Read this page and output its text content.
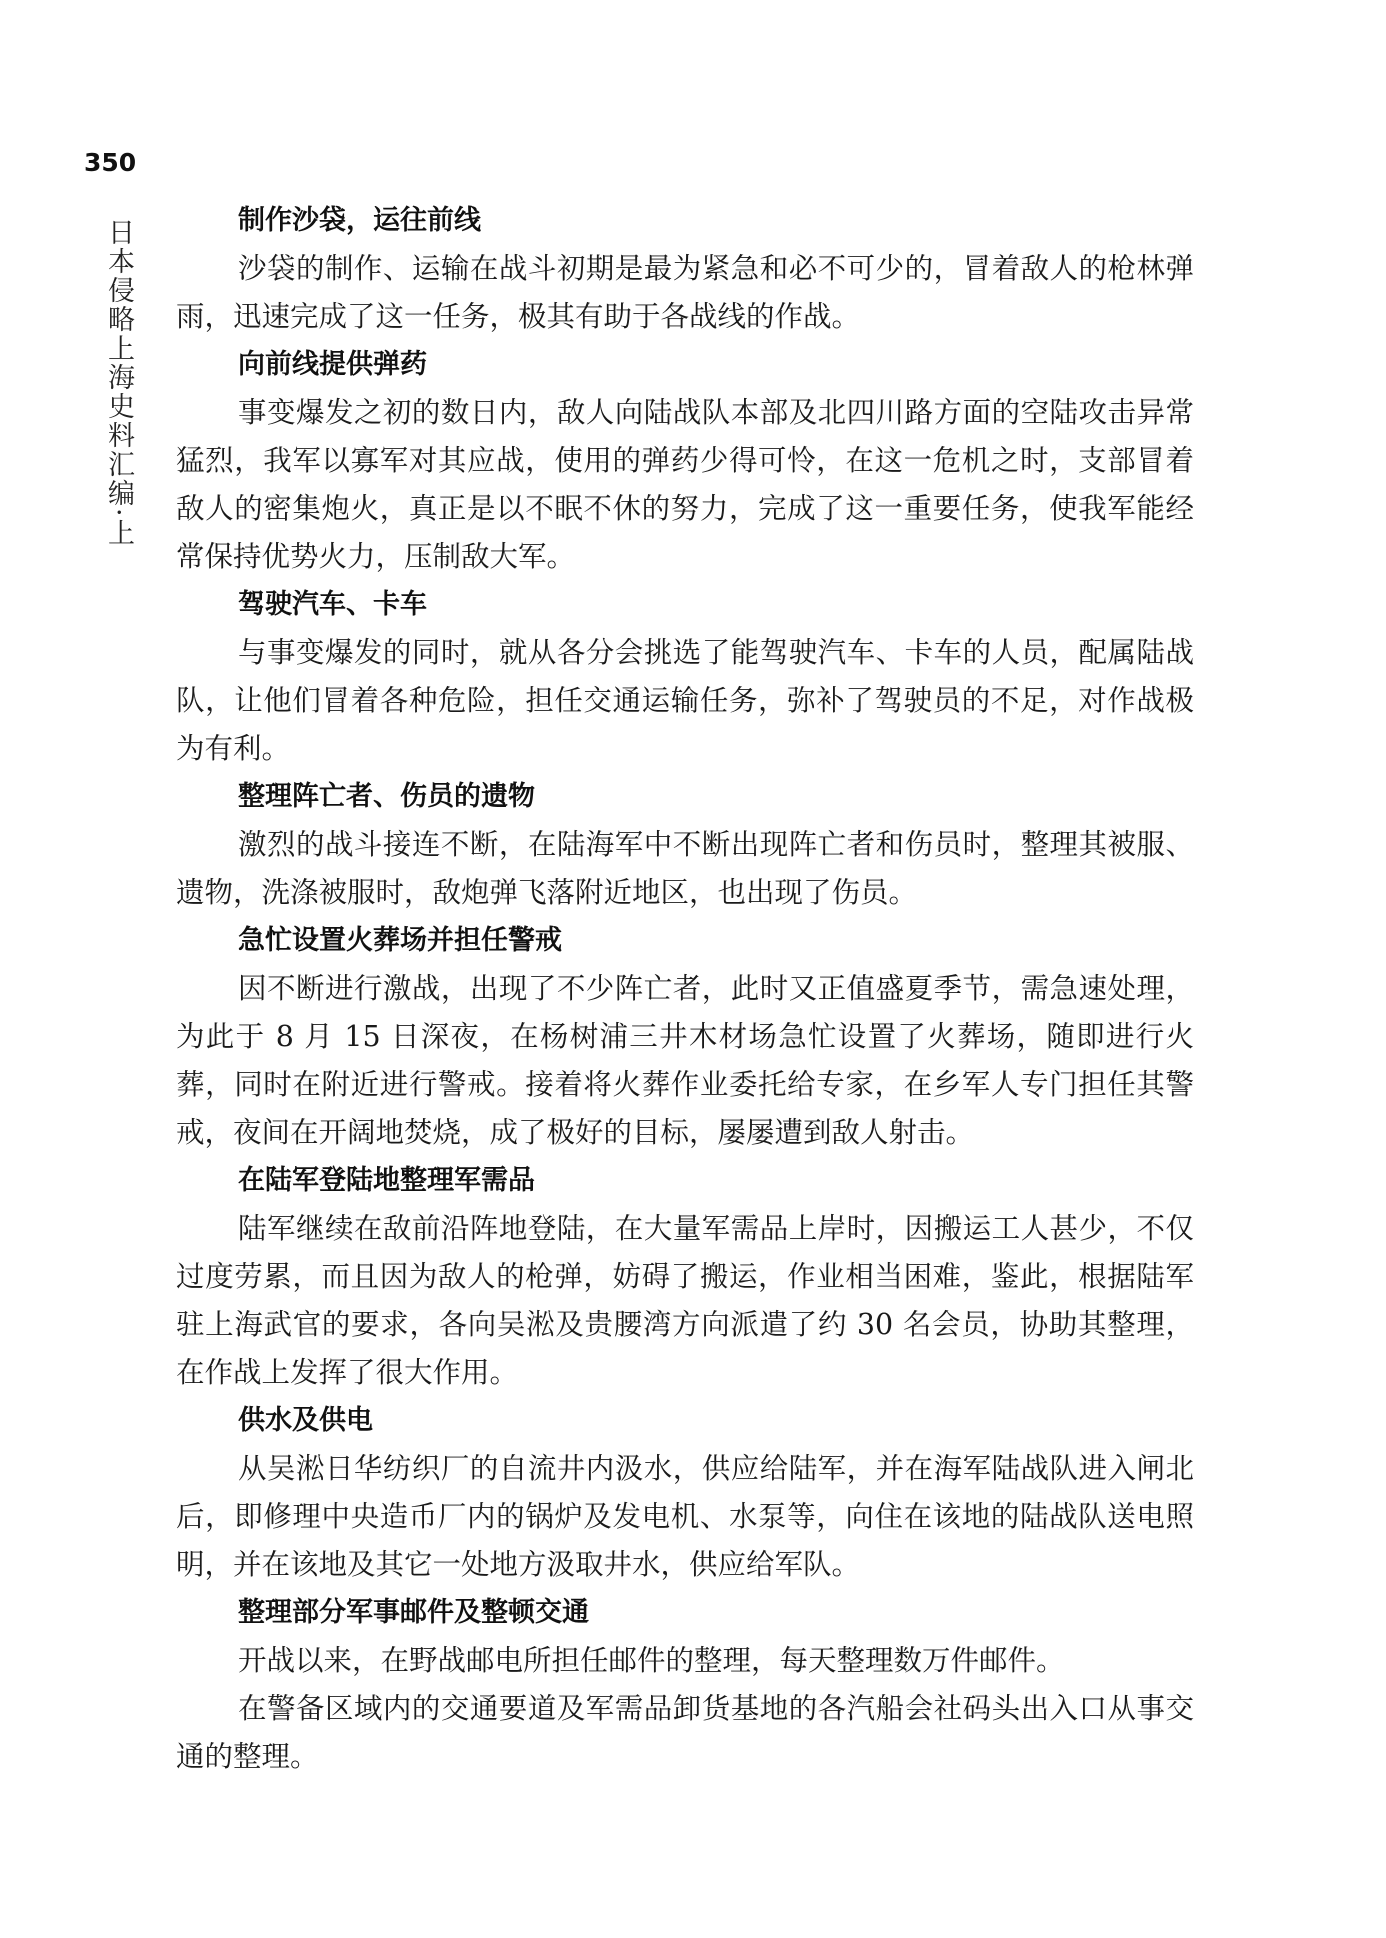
350
日本侵略上海史料汇编·上	制作沙袋，运往前线

沙袋的制作、运输在战斗初期是最为紧急和必不可少的，冒着敌人的枪林弹雨，迅速完成了这一任务，极其有助于各战线的作战。

向前线提供弹药

事变爆发之初的数日内，敌人向陆战队本部及北四川路方面的空陆攻击异常猛烈，我军以寡军对其应战，使用的弹药少得可怜，在这一危机之时，支部冒着敌人的密集炮火，真正是以不眠不休的努力，完成了这一重要任务，使我军能经常保持优势火力，压制敌大军。

驾驶汽车、卡车

与事变爆发的同时，就从各分会挑选了能驾驶汽车、卡车的人员，配属陆战队，让他们冒着各种危险，担任交通运输任务，弥补了驾驶员的不足，对作战极为有利。

整理阵亡者、伤员的遗物

激烈的战斗接连不断，在陆海军中不断出现阵亡者和伤员时，整理其被服、遗物，洗涤被服时，敌炮弹飞落附近地区，也出现了伤员。

急忙设置火葬场并担任警戒

因不断进行激战，出现了不少阵亡者，此时又正值盛夏季节，需急速处理，为此于 8 月 15 日深夜，在杨树浦三井木材场急忙设置了火葬场，随即进行火葬，同时在附近进行警戒。接着将火葬作业委托给专家，在乡军人专门担任其警戒，夜间在开阔地焚烧，成了极好的目标，屡屡遭到敌人射击。

在陆军登陆地整理军需品

陆军继续在敌前沿阵地登陆，在大量军需品上岸时，因搬运工人甚少，不仅过度劳累，而且因为敌人的枪弹，妨碍了搬运，作业相当困难，鉴此，根据陆军驻上海武官的要求，各向吴淞及贵腰湾方向派遣了约 30 名会员，协助其整理，在作战上发挥了很大作用。

供水及供电

从吴淞日华纺织厂的自流井内汲水，供应给陆军，并在海军陆战队进入闸北后，即修理中央造币厂内的锅炉及发电机、水泵等，向住在该地的陆战队送电照明，并在该地及其它一处地方汲取井水，供应给军队。

整理部分军事邮件及整顿交通

开战以来，在野战邮电所担任邮件的整理，每天整理数万件邮件。

在警备区域内的交通要道及军需品卸货基地的各汽船会社码头出入口从事交通的整理。
